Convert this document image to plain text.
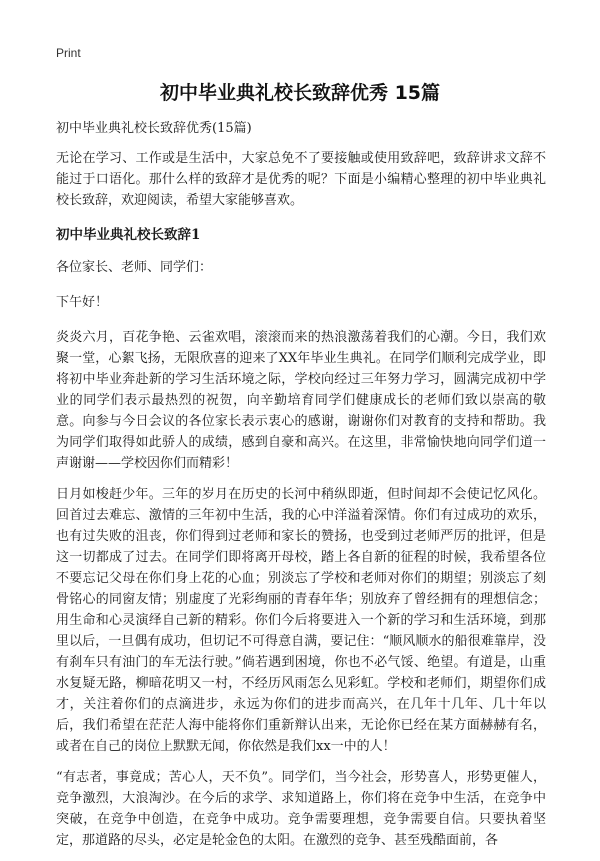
Print
初中毕业典礼校长致辞优秀 15篇

初中毕业典礼校长致辞优秀(15篇)

无论在学习、工作或是生活中，大家总免不了要接触或使用致辞吧，致辞讲求文辞不能过于口语化。那什么样的致辞才是优秀的呢？下面是小编精心整理的初中毕业典礼校长致辞，欢迎阅读，希望大家能够喜欢。

初中毕业典礼校长致辞1

各位家长、老师、同学们：

下午好！

炎炎六月，百花争艳、云雀欢唱，滚滚而来的热浪激荡着我们的心潮。今日，我们欢聚一堂，心絮飞扬，无限欣喜的迎来了XX年毕业生典礼。在同学们顺利完成学业，即将初中毕业奔赴新的学习生活环境之际，学校向经过三年努力学习，圆满完成初中学业的同学们表示最热烈的祝贺，向辛勤培育同学们健康成长的老师们致以崇高的敬意。向参与今日会议的各位家长表示衷心的感谢，谢谢你们对教育的支持和帮助。我为同学们取得如此骄人的成绩，感到自豪和高兴。在这里，非常愉快地向同学们道一声谢谢——学校因你们而精彩！

日月如梭赶少年。三年的岁月在历史的长河中稍纵即逝，但时间却不会使记忆风化。回首过去难忘、激情的三年初中生活，我的心中洋溢着深情。你们有过成功的欢乐，也有过失败的沮丧，你们得到过老师和家长的赞扬，也受到过老师严厉的批评，但是这一切都成了过去。在同学们即将离开母校，踏上各自新的征程的时候，我希望各位不要忘记父母在你们身上花的心血；别淡忘了学校和老师对你们的期望；别淡忘了刻骨铭心的同窗友情；别虚度了光彩绚丽的青春年华；别放弃了曾经拥有的理想信念；用生命和心灵演绎自己新的精彩。你们今后将要进入一个新的学习和生活环境，到那里以后，一旦偶有成功，但切记不可得意自满，要记住：“顺风顺水的船很难靠岸，没有刹车只有油门的车无法行驶。”倘若遇到困境，你也不必气馁、绝望。有道是，山重水复疑无路，柳暗花明又一村，不经历风雨怎么见彩虹。学校和老师们，期望你们成才，关注着你们的点滴进步，永远为你们的进步而高兴，在几年十几年、几十年以后，我们希望在茫茫人海中能将你们重新辩认出来，无论你已经在某方面赫赫有名，或者在自己的岗位上默默无闻，你依然是我们xx一中的人！

“有志者，事竟成；苦心人，天不负”。同学们，当今社会，形势喜人，形势更催人，竞争激烈，大浪淘沙。在今后的求学、求知道路上，你们将在竞争中生活，在竞争中突破，在竞争中创造，在竞争中成功。竞争需要理想，竞争需要自信。只要执着坚定，那道路的尽头，必定是轮金色的太阳。在激烈的竞争、甚至残酷面前，各
